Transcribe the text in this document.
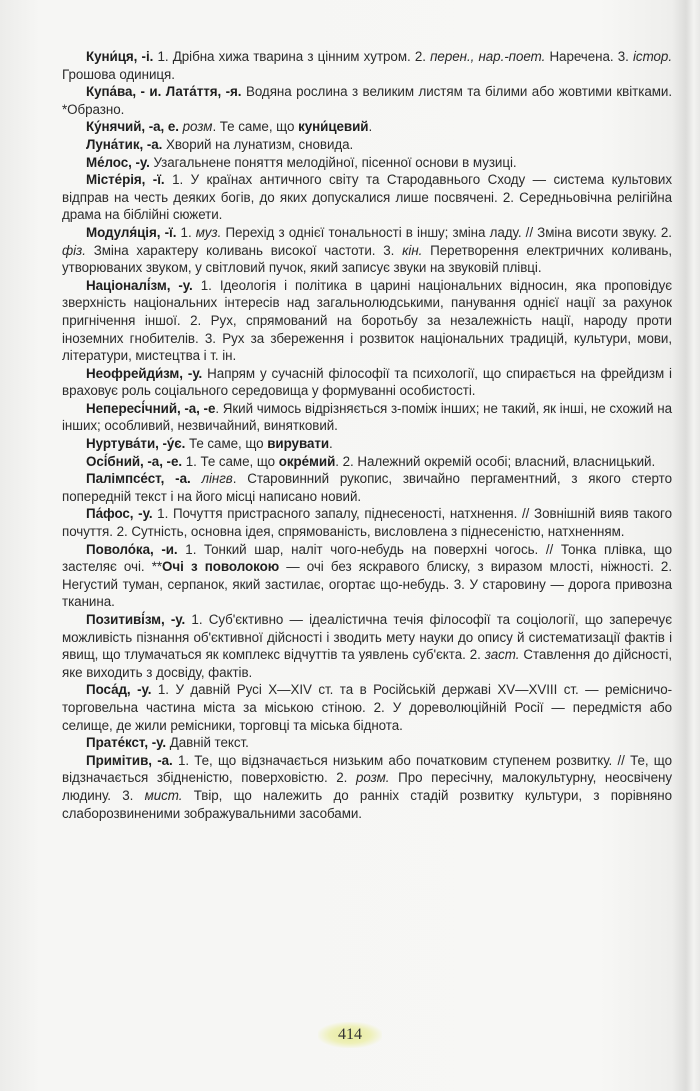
Куни́ця, -і. 1. Дрібна хижа тварина з цінним хутром. 2. перен., нар.-поет. Наречена. 3. істор. Грошова одиниця.

Купа́ва, - и. Лата́ття, -я. Водяна рослина з великим листям та білими або жовтими квітками. *Образно.

Ку́нячий, -а, е. розм. Те саме, що куни́цевий.

Луна́тик, -а. Хворий на лунатизм, сновида.

Ме́лос, -у. Узагальнене поняття мелодійної, пісенної основи в музиці.

Місте́рія, -ї. 1. У країнах античного світу та Стародавнього Сходу — система культових відправ на честь деяких богів, до яких допускалися лише посвячені. 2. Середньовічна релігійна драма на біблійні сюжети.

Модуля́ція, -ї. 1. муз. Перехід з однієї тональності в іншу; зміна ладу. // Зміна висоти звуку. 2. фіз. Зміна характеру коливань високої частоти. 3. кін. Перетворення електричних коливань, утворюваних звуком, у світловий пучок, який записує звуки на звуковій плівці.

Націоналі́зм, -у. 1. Ідеологія і політика в царині національних відносин, яка проповідує зверхність національних інтересів над загальнолюдськими, панування однієї нації за рахунок пригнічення іншої. 2. Рух, спрямований на боротьбу за незалежність нації, народу проти іноземних гнобителів. 3. Рух за збереження і розвиток національних традицій, культури, мови, літератури, мистецтва і т. ін.

Неофрейди́зм, -у. Напрям у сучасній філософії та психології, що спирається на фрейдизм і враховує роль соціального середовища у формуванні особистості.

Непересі́чний, -а, -е. Який чимось відрізняється з-поміж інших; не такий, як інші, не схожий на інших; особливий, незвичайний, винятковий.

Нуртува́ти, -у́є. Те саме, що вирувати.

Осі́бний, -а, -е. 1. Те саме, що окре́мий. 2. Належний окремій особі; власний, власницький.

Палімпсе́ст, -а. лінгв. Старовинний рукопис, звичайно пергаментний, з якого стерто попередній текст і на його місці написано новий.

Па́фос, -у. 1. Почуття пристрасного запалу, піднесеності, натхнення. // Зовнішній вияв такого почуття. 2. Сутність, основна ідея, спрямованість, висловлена з піднесеністю, натхненням.

Поволо́ка, -и. 1. Тонкий шар, наліт чого-небудь на поверхні чогось. // Тонка плівка, що застеляє очі. **Очі з поволокою — очі без яскравого блиску, з виразом млості, ніжності. 2. Негустий туман, серпанок, який застилає, огортає що-небудь. 3. У старовину — дорога привозна тканина.

Позитиві́зм, -у. 1. Суб'єктивно — ідеалістична течія філософії та соціології, що заперечує можливість пізнання об'єктивної дійсності і зводить мету науки до опису й систематизації фактів і явищ, що тлумачаться як комплекс відчуттів та уявлень суб'єкта. 2. заст. Ставлення до дійсності, яке виходить з досвіду, фактів.

Поса́д, -у. 1. У давній Русі X—XIV ст. та в Російській державі XV—XVIII ст. — ремісничо-торговельна частина міста за міською стіною. 2. У дореволюційній Росії — передмістя або селище, де жили ремісники, торговці та міська біднота.

Прате́кст, -у. Давній текст.

Примітив, -а. 1. Те, що відзначається низьким або початковим ступенем розвитку. // Те, що відзначається збідненістю, поверховістю. 2. розм. Про пересічну, малокультурну, неосвічену людину. 3. мист. Твір, що належить до ранніх стадій розвитку культури, з порівняно слаборозвиненими зображувальними засобами.

414
